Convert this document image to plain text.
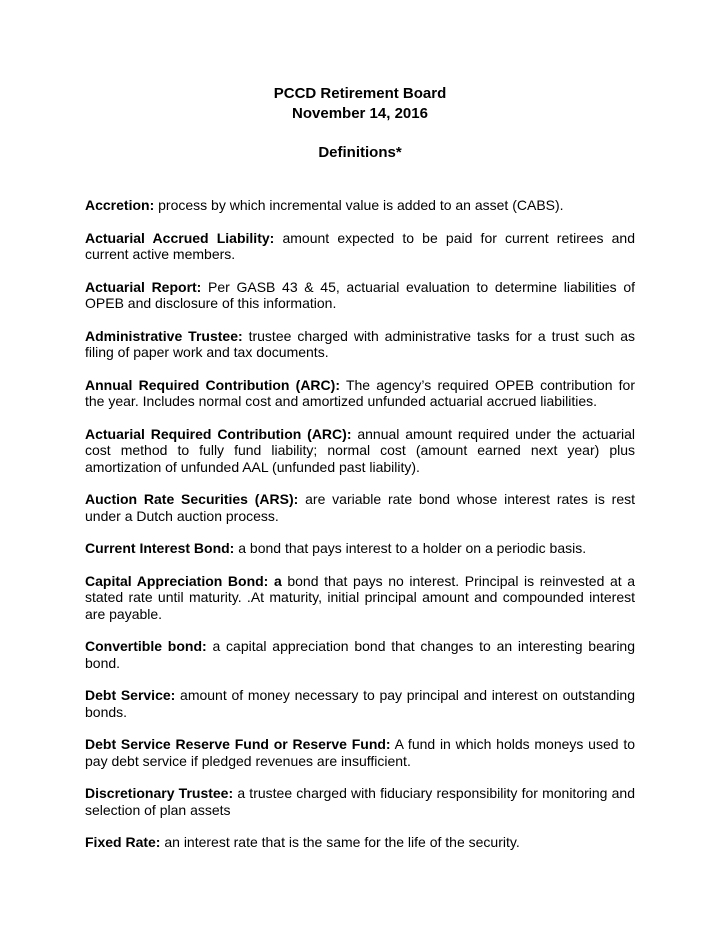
PCCD Retirement Board
November 14, 2016
Definitions*

Accretion: process by which incremental value is added to an asset (CABS).

Actuarial Accrued Liability: amount expected to be paid for current retirees and current active members.

Actuarial Report: Per GASB 43 & 45, actuarial evaluation to determine liabilities of OPEB and disclosure of this information.

Administrative Trustee: trustee charged with administrative tasks for a trust such as filing of paper work and tax documents.

Annual Required Contribution (ARC): The agency’s required OPEB contribution for the year. Includes normal cost and amortized unfunded actuarial accrued liabilities.

Actuarial Required Contribution (ARC): annual amount required under the actuarial cost method to fully fund liability; normal cost (amount earned next year) plus amortization of unfunded AAL (unfunded past liability).

Auction Rate Securities (ARS): are variable rate bond whose interest rates is rest under a Dutch auction process.

Current Interest Bond: a bond that pays interest to a holder on a periodic basis.

Capital Appreciation Bond: a bond that pays no interest. Principal is reinvested at a stated rate until maturity. .At maturity, initial principal amount and compounded interest are payable.

Convertible bond: a capital appreciation bond that changes to an interesting bearing bond.

Debt Service: amount of money necessary to pay principal and interest on outstanding bonds.

Debt Service Reserve Fund or Reserve Fund: A fund in which holds moneys used to pay debt service if pledged revenues are insufficient.

Discretionary Trustee: a trustee charged with fiduciary responsibility for monitoring and selection of plan assets

Fixed Rate: an interest rate that is the same for the life of the security.
